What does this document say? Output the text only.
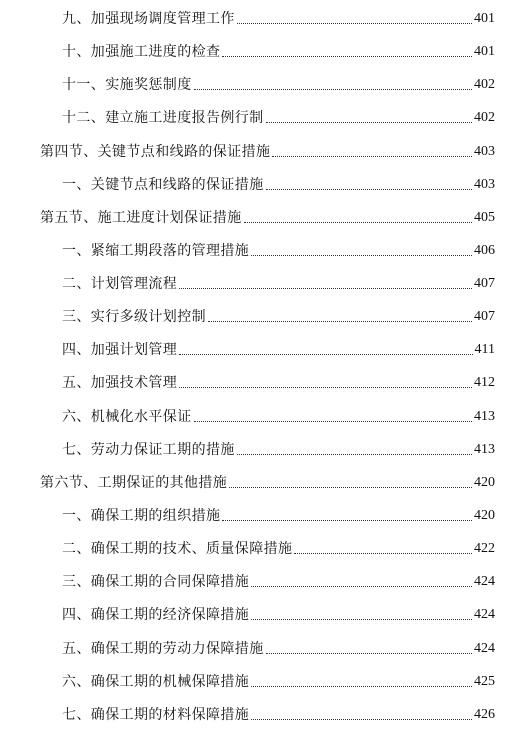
九、加强现场调度管理工作	401
十、加强施工进度的检查	401
十一、实施奖惩制度	402
十二、建立施工进度报告例行制	402
第四节、关键节点和线路的保证措施	403
一、关键节点和线路的保证措施	403
第五节、施工进度计划保证措施	405
一、紧缩工期段落的管理措施	406
二、计划管理流程	407
三、实行多级计划控制	407
四、加强计划管理	411
五、加强技术管理	412
六、机械化水平保证	413
七、劳动力保证工期的措施	413
第六节、工期保证的其他措施	420
一、确保工期的组织措施	420
二、确保工期的技术、质量保障措施	422
三、确保工期的合同保障措施	424
四、确保工期的经济保障措施	424
五、确保工期的劳动力保障措施	424
六、确保工期的机械保障措施	425
七、确保工期的材料保障措施	426
